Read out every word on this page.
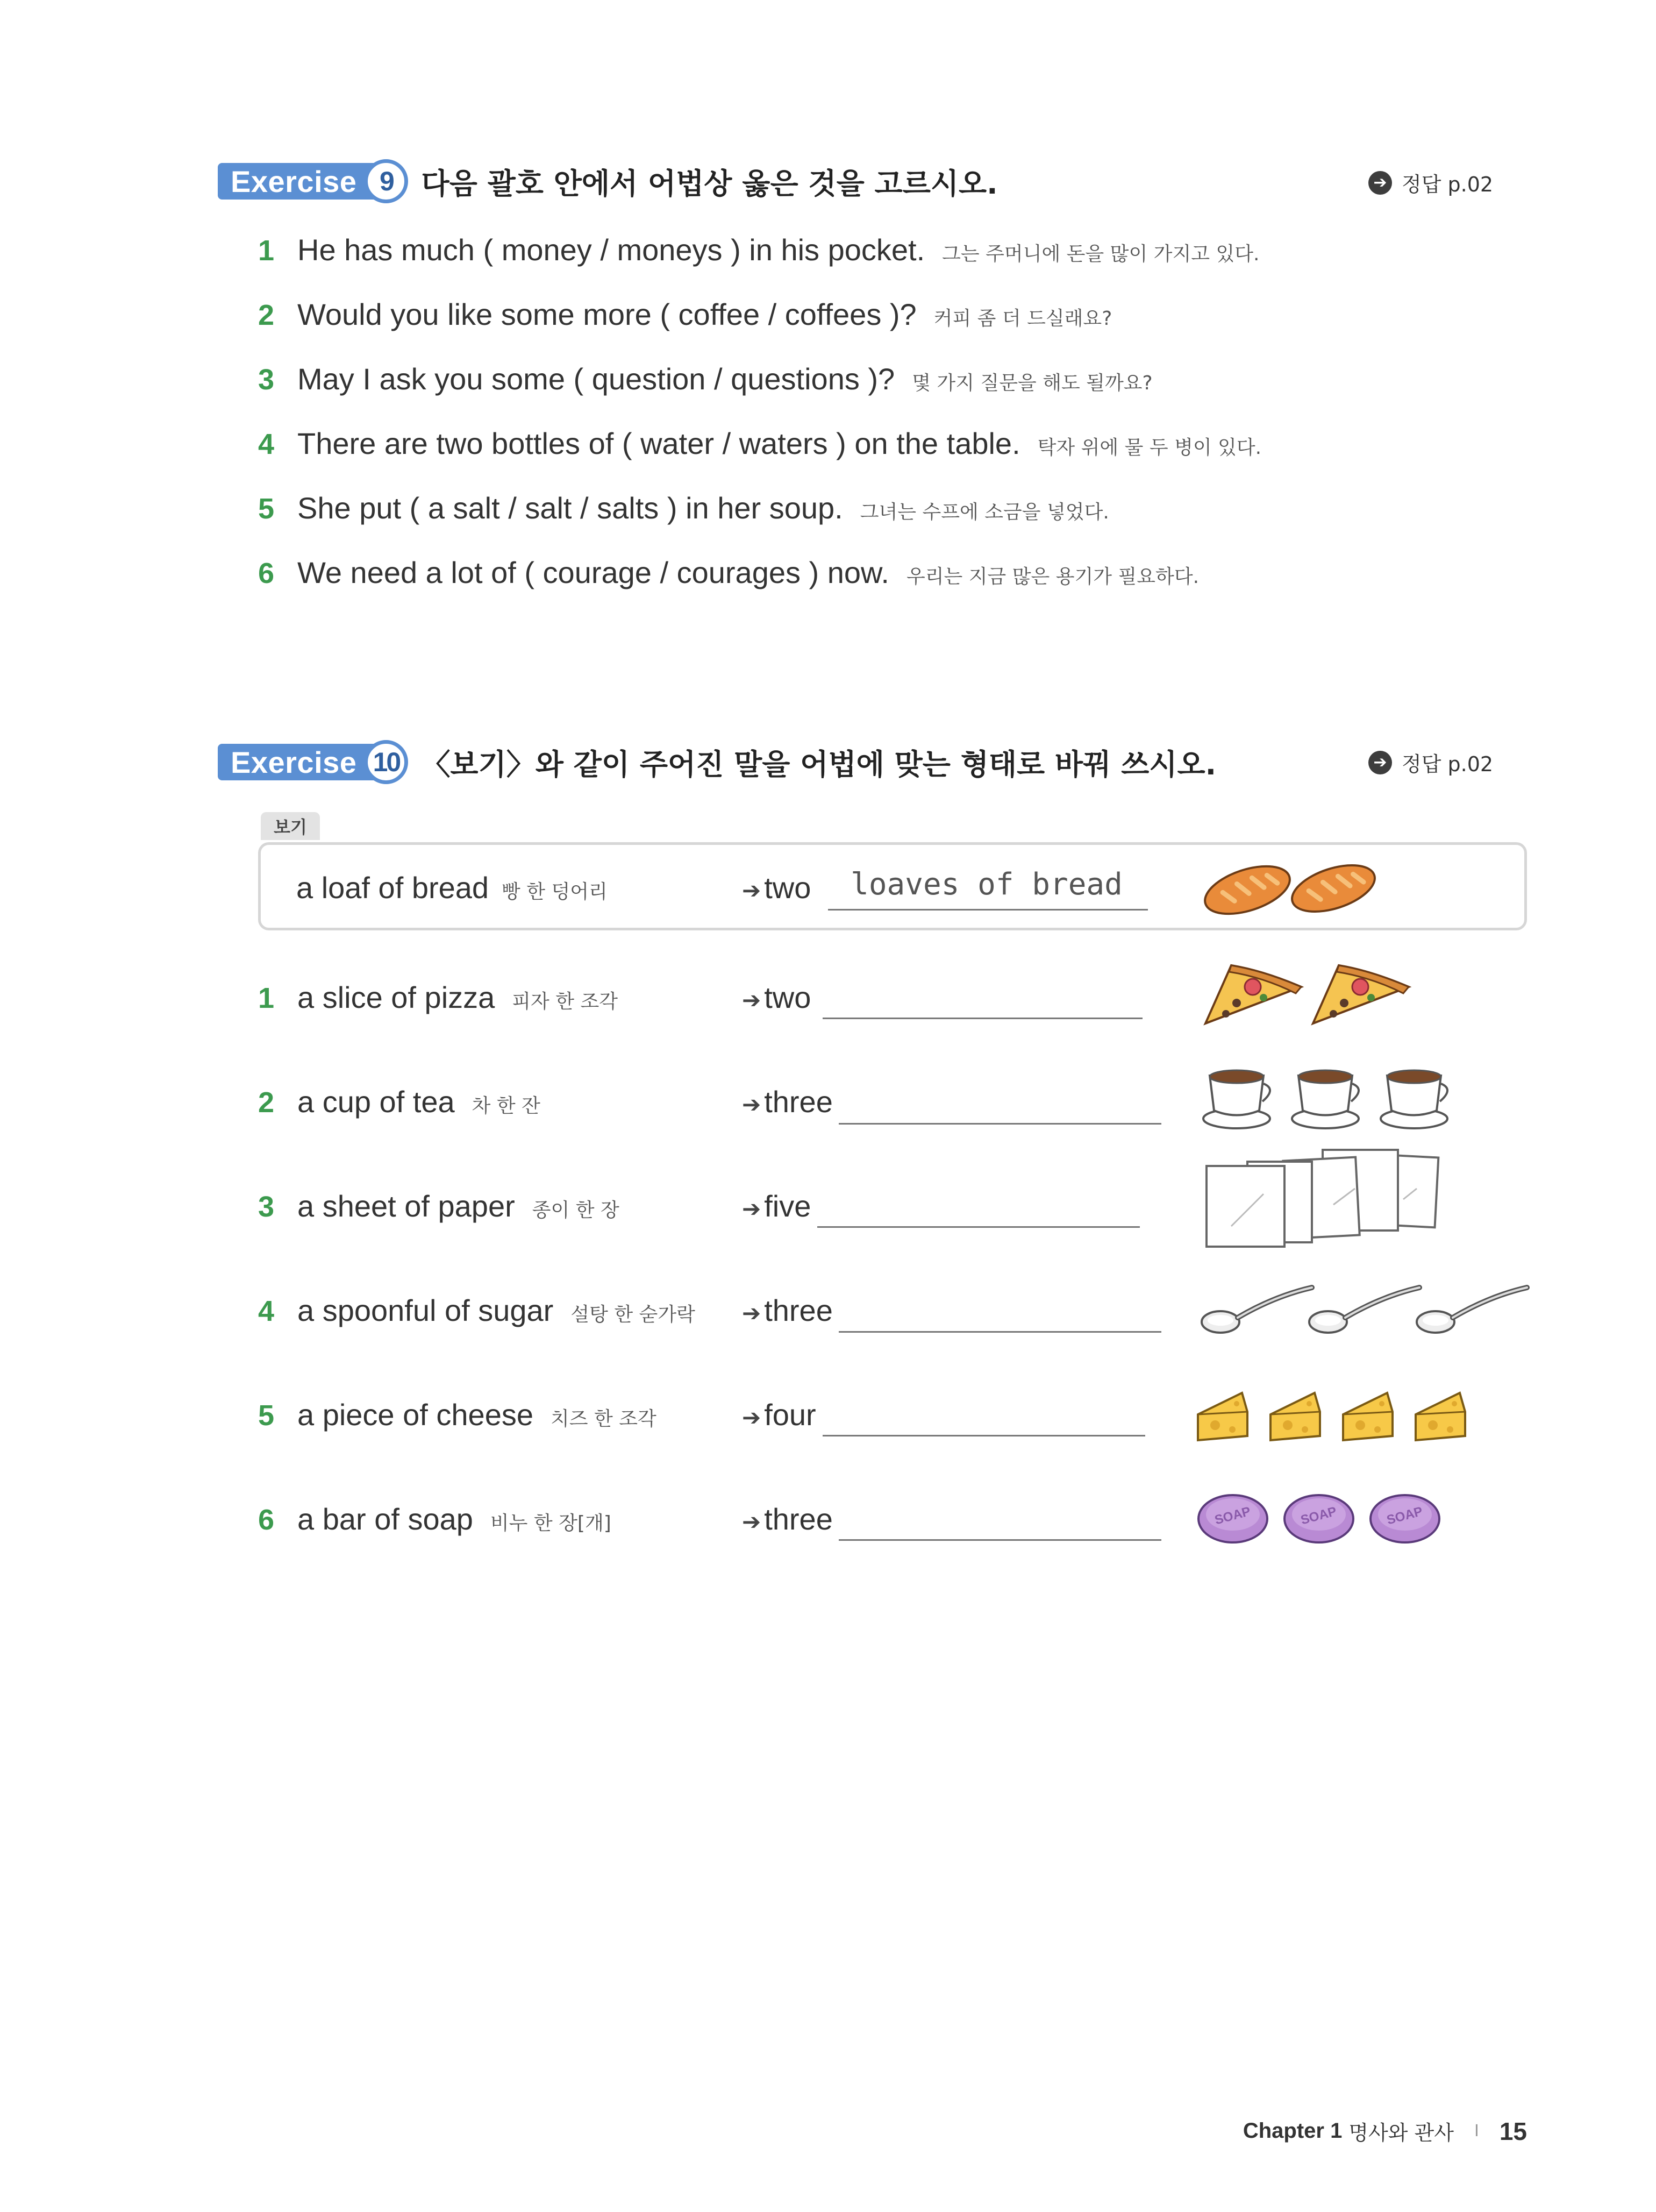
Exercise 9 다음 괄호 안에서 어법상 옳은 것을 고르시오.	➔ 정답 p.02
1 He has much ( money / moneys ) in his pocket. 그는 주머니에 돈을 많이 가지고 있다.
2 Would you like some more ( coffee / coffees )? 커피 좀 더 드실래요?
3 May I ask you some ( question / questions )? 몇 가지 질문을 해도 될까요?
4 There are two bottles of ( water / waters ) on the table. 탁자 위에 물 두 병이 있다.
5 She put ( a salt / salt / salts ) in her soup. 그녀는 수프에 소금을 넣었다.
6 We need a lot of ( courage / courages ) now. 우리는 지금 많은 용기가 필요하다.
Exercise 10 〈보기〉와 같이 주어진 말을 어법에 맞는 형태로 바꿔 쓰시오.	➔ 정답 p.02
보기
a loaf of bread 빵 한 덩어리	➔ two	loaves of bread
1 a slice of pizza 피자 한 조각	➔ two
2 a cup of tea 차 한 잔	➔ three
3 a sheet of paper 종이 한 장	➔ five
4 a spoonful of sugar 설탕 한 숟가락 ➔ three
5 a piece of cheese 치즈 한 조각	➔ four
6 a bar of soap 비누 한 장[개]	➔ three	SOAP	SOAP	SOAP
Chapter 1 명사와 관사 I 15
